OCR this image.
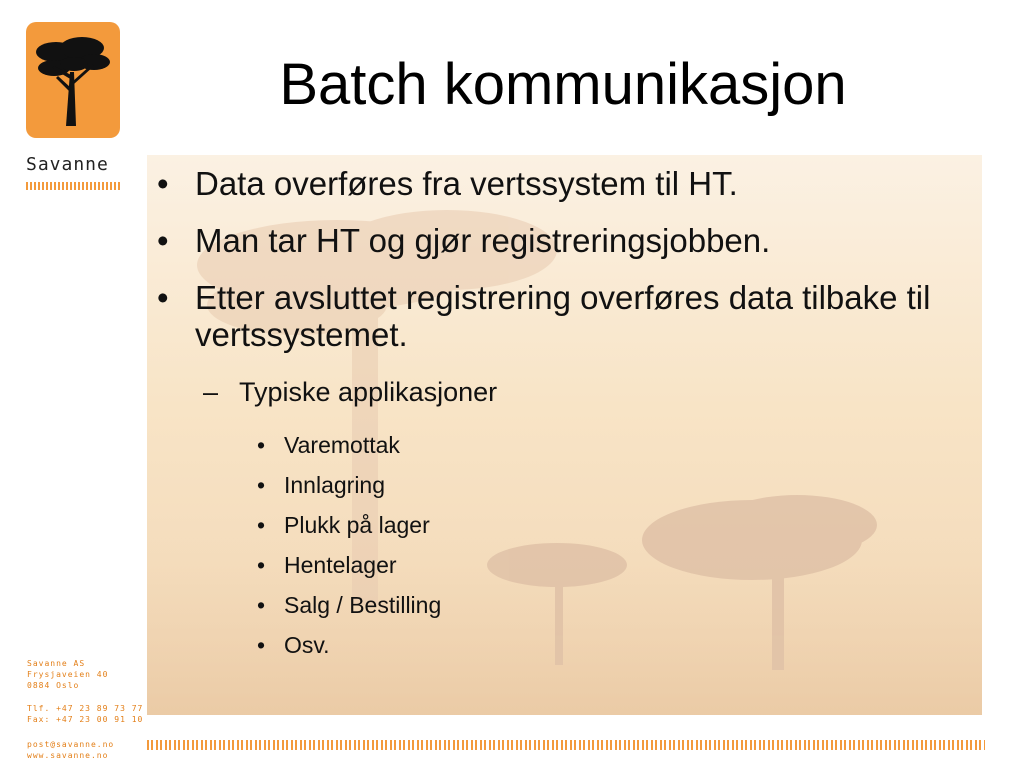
Savanne
Batch kommunikasjon
• Data overføres fra vertssystem til HT.
• Man tar HT og gjør registreringsjobben.
• Etter avsluttet registrering overføres data tilbake til vertssystemet.
– Typiske applikasjoner
• Varemottak
• Innlagring
• Plukk på lager
• Hentelager
• Salg / Bestilling
• Osv.
Savanne AS
Frysjaveien 40
0884 Oslo
Tlf. +47 23 89 73 77
Fax: +47 23 00 91 10
post@savanne.no
www.savanne.no
